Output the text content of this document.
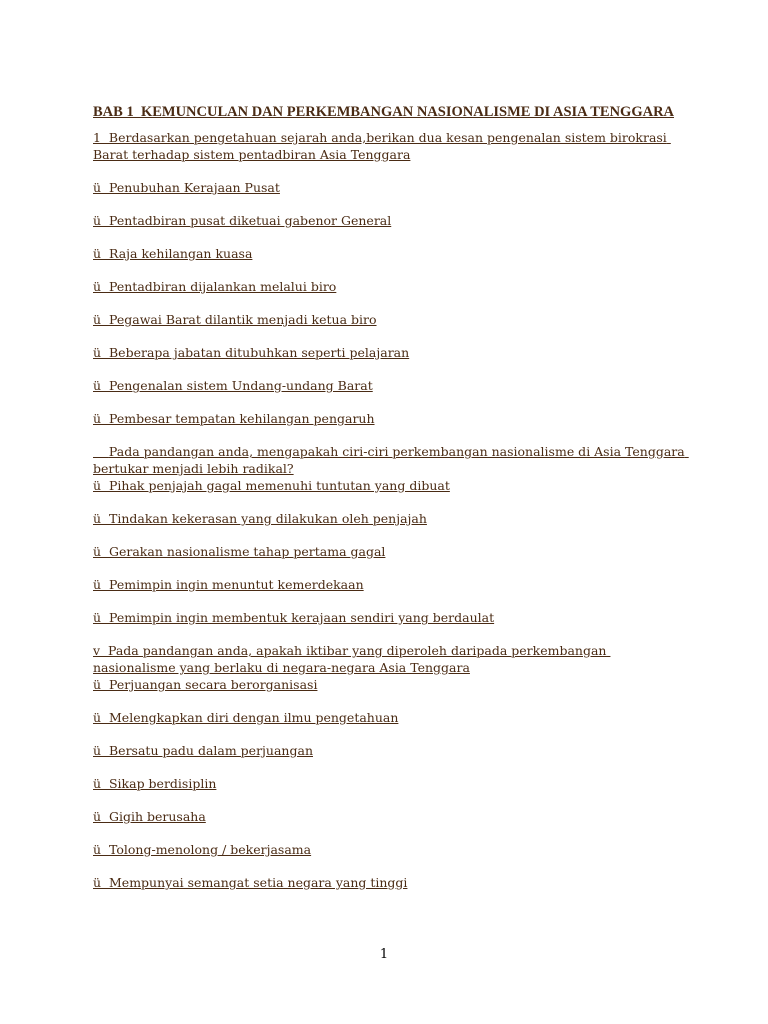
BAB 1  KEMUNCULAN DAN PERKEMBANGAN NASIONALISME DI ASIA TENGGARA
1  Berdasarkan pengetahuan sejarah anda,berikan dua kesan pengenalan sistem birokrasi Barat terhadap sistem pentadbiran Asia Tenggara
ü  Penubuhan Kerajaan Pusat
ü  Pentadbiran pusat diketuai gabenor General
ü  Raja kehilangan kuasa
ü  Pentadbiran dijalankan melalui biro
ü  Pegawai Barat dilantik menjadi ketua biro
ü  Beberapa jabatan ditubuhkan seperti pelajaran
ü  Pengenalan sistem Undang-undang Barat
ü  Pembesar tempatan kehilangan pengaruh
Pada pandangan anda, mengapakah ciri-ciri perkembangan nasionalisme di Asia Tenggara bertukar menjadi lebih radikal?
ü  Pihak penjajah gagal memenuhi tuntutan yang dibuat
ü  Tindakan kekerasan yang dilakukan oleh penjajah
ü  Gerakan nasionalisme tahap pertama gagal
ü  Pemimpin ingin menuntut kemerdekaan
ü  Pemimpin ingin membentuk kerajaan sendiri yang berdaulat
v  Pada pandangan anda, apakah iktibar yang diperoleh daripada perkembangan nasionalisme yang berlaku di negara-negara Asia Tenggara
ü  Perjuangan secara berorganisasi
ü  Melengkapkan diri dengan ilmu pengetahuan
ü  Bersatu padu dalam perjuangan
ü  Sikap berdisiplin
ü  Gigih berusaha
ü  Tolong-menolong / bekerjasama
ü  Mempunyai semangat setia negara yang tinggi
1
